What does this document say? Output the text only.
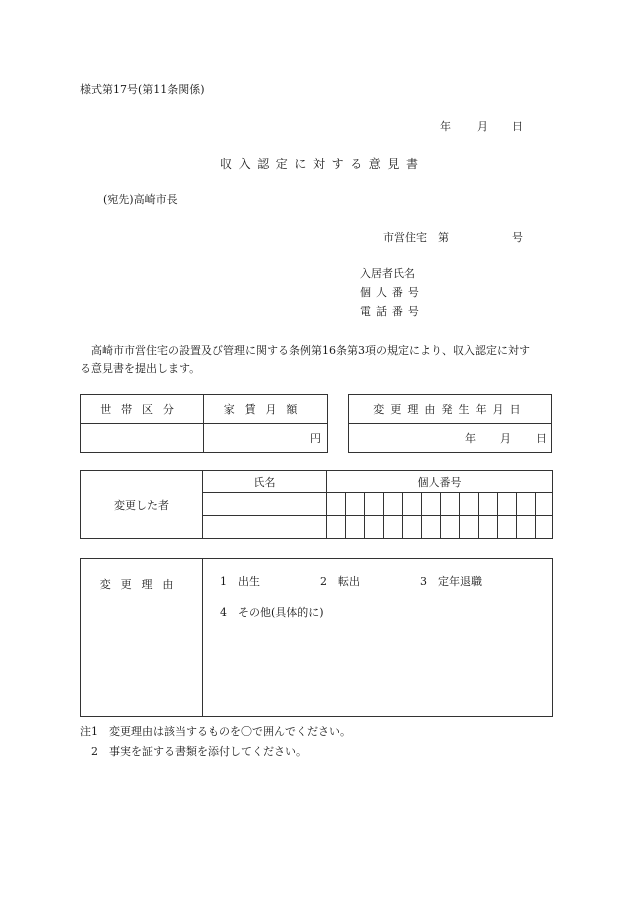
様式第17号(第11条関係)
年 月 日
収入認定に対する意見書
(宛先)高崎市長
市営住宅　第	号
入居者氏名
個人番号
電話番号
高崎市市営住宅の設置及び管理に関する条例第16条第3項の規定により、収入認定に対す
る意見書を提出します。
世帯区分	家賃月額
	円
変更理由発生年月日

年 月 日
変更した者	氏名	個人番号											

変更理由	1　 出生	2　 転出	3　 定年退職
4　 その他(具体的に)
注1　変更理由は該当するものを〇で囲んでください。
2　事実を証する書類を添付してください。
